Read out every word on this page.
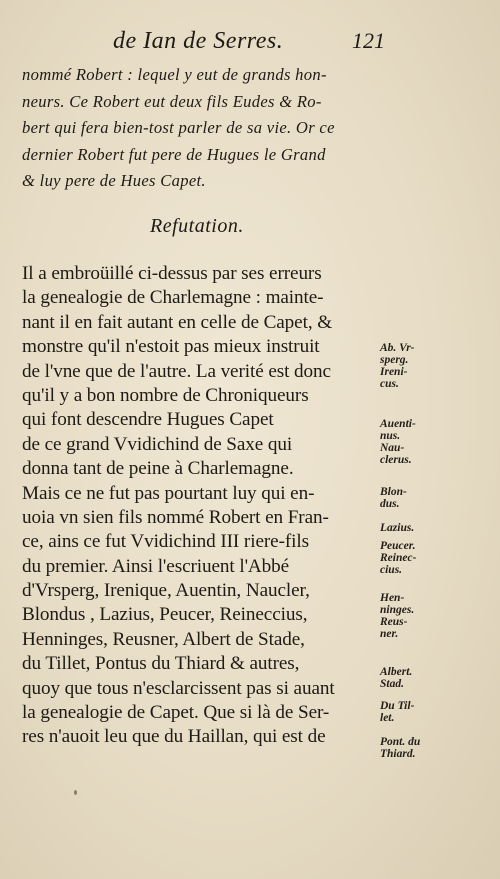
de Ian de Serres.	121
nommé Robert : lequel y eut de grands hon-
neurs. Ce Robert eut deux fils Eudes & Ro-
bert qui fera bien-tost parler de sa vie. Or ce
dernier Robert fut pere de Hugues le Grand
& luy pere de Hues Capet.
Refutation.
Il a embroüillé ci-dessus par ses erreurs
la genealogie de Charlemagne : mainte-
nant il en fait autant en celle de Capet, &
monstre qu'il n'estoit pas mieux instruit
de l'vne que de l'autre. La verité est donc
qu'il y a bon nombre de Chroniqueurs
qui font descendre Hugues Capet
de ce grand Vvidichind de Saxe qui
donna tant de peine à Charlemagne.
Mais ce ne fut pas pourtant luy qui en-
uoia vn sien fils nommé Robert en Fran-
ce, ains ce fut Vvidichind III riere-fils
du premier. Ainsi l'escriuent l'Abbé
d'Vrsperg, Irenique, Auentin, Naucler,
Blondus , Lazius, Peucer, Reineccius,
Henninges, Reusner, Albert de Stade,
du Tillet, Pontus du Thiard & autres,
quoy que tous n'esclarcissent pas si auant
la genealogie de Capet. Que si là de Ser-
res n'auoit leu que du Haillan, qui est de
Ab. Vr-
sperg.
Ireni-
cus.
Auenti-
nus.
Nau-
clerus.
Blon-
dus.
Lazius.
Peucer.
Reinec-
cius.
Hen-
ninges.
Reus-
ner.
Albert.
Stad.
Du Til-
let.
Pont. du
Thiard.
